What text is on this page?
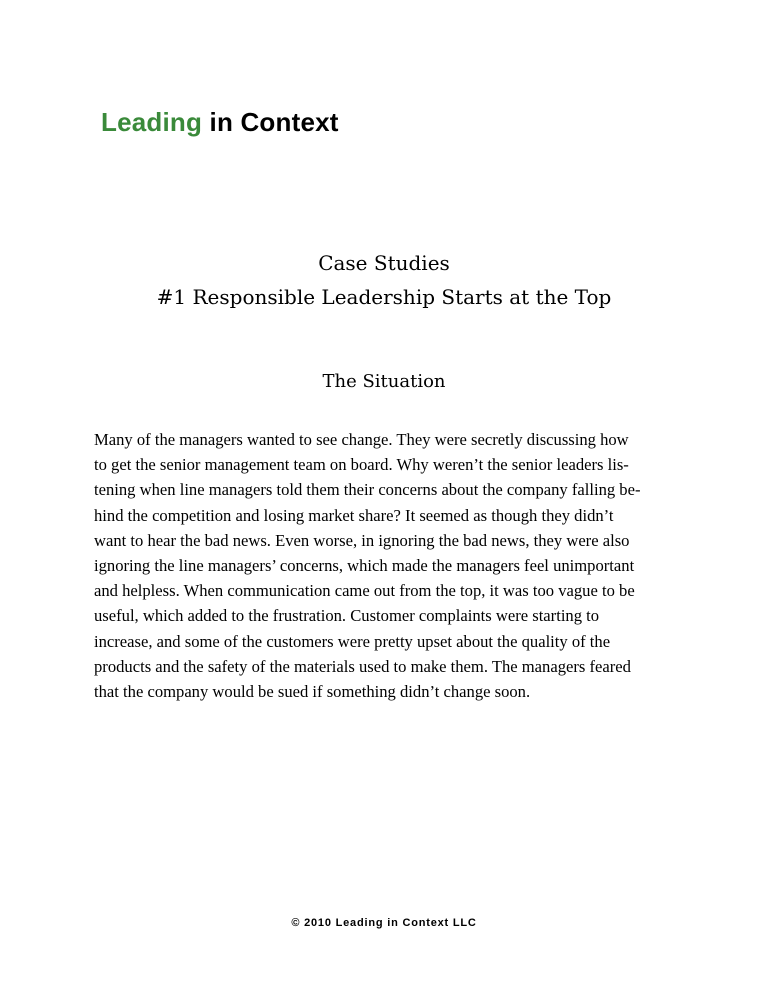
Leading in Context
Case Studies
#1 Responsible Leadership Starts at the Top
The Situation
Many of the managers wanted to see change. They were secretly discussing how
to get the senior management team on board. Why weren’t the senior leaders lis-
tening when line managers told them their concerns about the company falling be-
hind the competition and losing market share? It seemed as though they didn’t
want to hear the bad news. Even worse, in ignoring the bad news, they were also
ignoring the line managers’ concerns, which made the managers feel unimportant
and helpless. When communication came out from the top, it was too vague to be
useful, which added to the frustration. Customer complaints were starting to
increase, and some of the customers were pretty upset about the quality of the
products and the safety of the materials used to make them. The managers feared
that the company would be sued if something didn’t change soon.
© 2010 Leading in Context LLC
